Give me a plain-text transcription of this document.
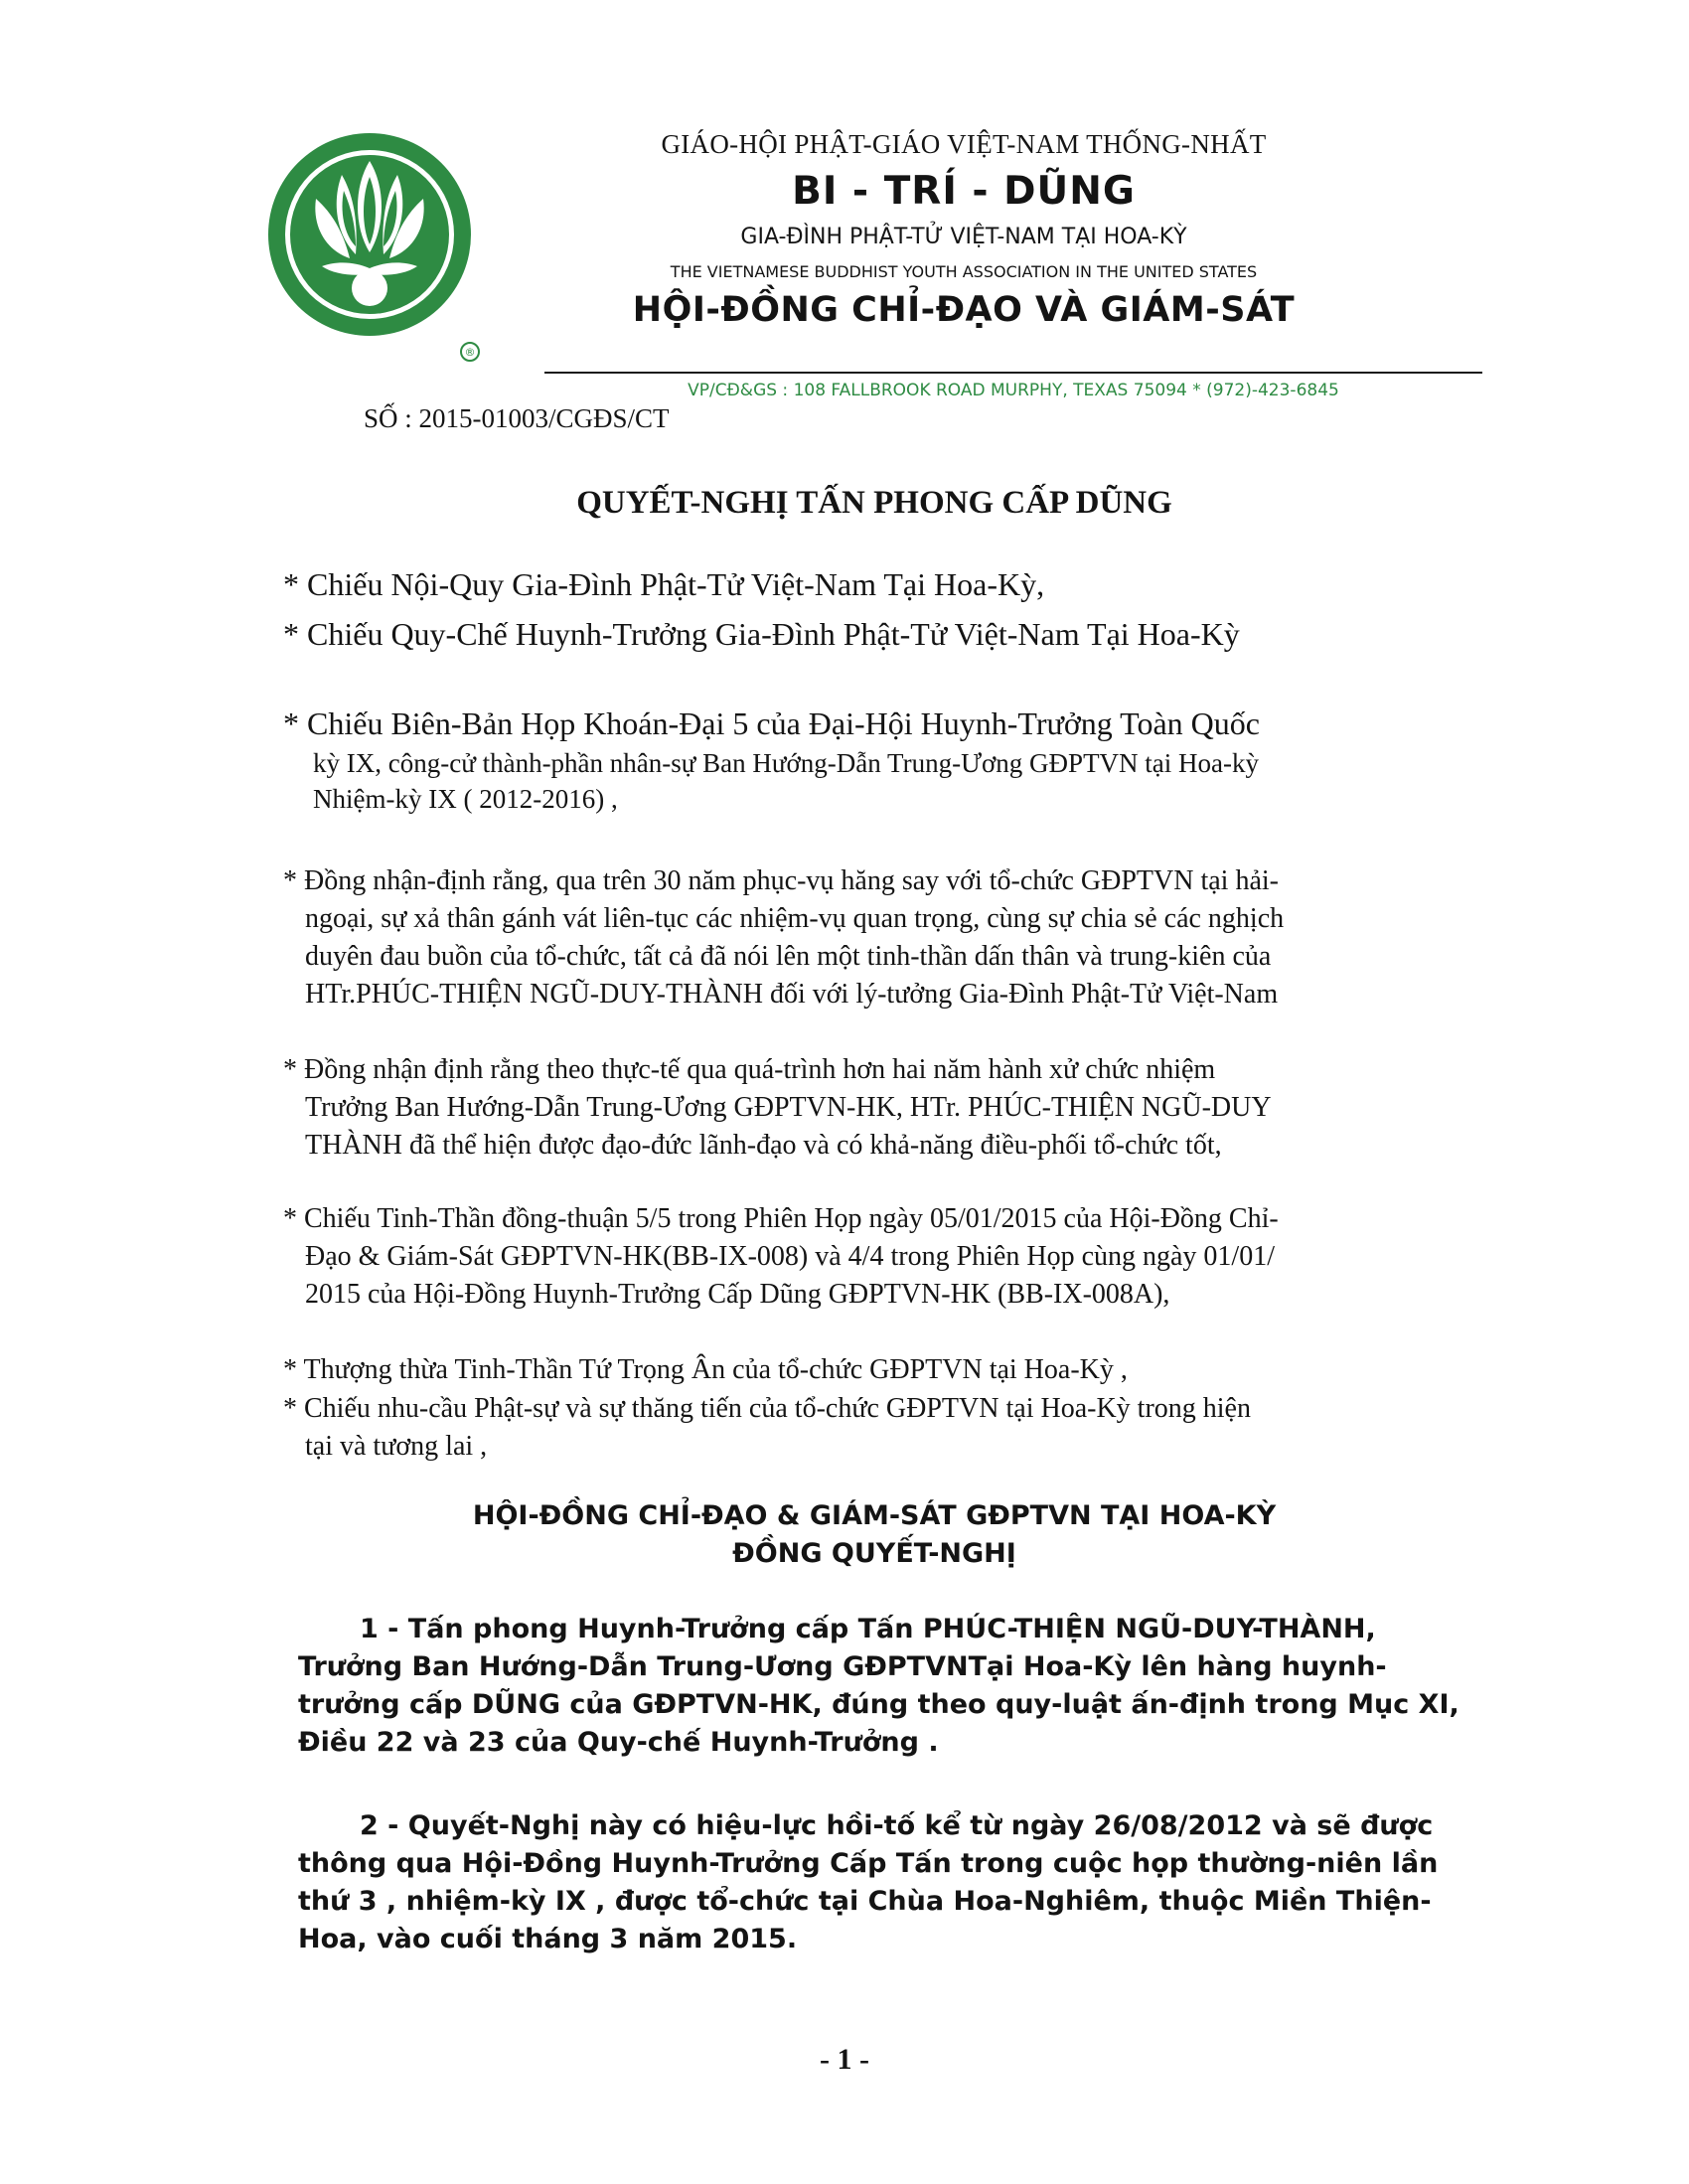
®
GIÁO-HỘI PHẬT-GIÁO VIỆT-NAM THỐNG-NHẤT
BI - TRÍ - DŨNG
GIA-ĐÌNH PHẬT-TỬ VIỆT-NAM TẠI HOA-KỲ
THE VIETNAMESE BUDDHIST YOUTH ASSOCIATION IN THE UNITED STATES
HỘI-ĐỒNG CHỈ-ĐẠO VÀ GIÁM-SÁT
VP/CĐ&GS : 108 FALLBROOK ROAD MURPHY, TEXAS 75094 * (972)-423-6845
SỐ : 2015-01003/CGĐS/CT
QUYẾT-NGHỊ TẤN PHONG CẤP DŨNG
* Chiếu Nội-Quy Gia-Đình Phật-Tử Việt-Nam Tại Hoa-Kỳ,
* Chiếu Quy-Chế Huynh-Trưởng Gia-Đình Phật-Tử Việt-Nam Tại Hoa-Kỳ
* Chiếu Biên-Bản Họp Khoán-Đại 5 của Đại-Hội Huynh-Trưởng Toàn Quốc
kỳ IX, công-cử thành-phần nhân-sự Ban Hướng-Dẫn Trung-Ương GĐPTVN tại Hoa-kỳ
Nhiệm-kỳ IX ( 2012-2016) ,
* Đồng nhận-định rằng, qua trên 30 năm phục-vụ hăng say với tổ-chức GĐPTVN tại hải-
ngoại, sự xả thân gánh vát liên-tục các nhiệm-vụ quan trọng, cùng sự chia sẻ các nghịch
duyên đau buồn của tổ-chức, tất cả đã nói lên một tinh-thần dấn thân và trung-kiên của
HTr.PHÚC-THIỆN NGŨ-DUY-THÀNH đối với lý-tưởng Gia-Đình Phật-Tử Việt-Nam
* Đồng nhận định rằng theo thực-tế qua quá-trình hơn hai năm hành xử chức nhiệm
Trưởng Ban Hướng-Dẫn Trung-Ương GĐPTVN-HK, HTr. PHÚC-THIỆN NGŨ-DUY
THÀNH đã thể hiện được đạo-đức lãnh-đạo và có khả-năng điều-phối tổ-chức tốt,
* Chiếu Tinh-Thần đồng-thuận 5/5 trong Phiên Họp ngày 05/01/2015 của Hội-Đồng Chỉ-
Đạo & Giám-Sát GĐPTVN-HK(BB-IX-008) và 4/4 trong Phiên Họp cùng ngày 01/01/
2015 của Hội-Đồng Huynh-Trưởng Cấp Dũng GĐPTVN-HK (BB-IX-008A),
* Thượng thừa Tinh-Thần Tứ Trọng Ân của tổ-chức GĐPTVN tại Hoa-Kỳ ,
* Chiếu nhu-cầu Phật-sự và sự thăng tiến của tổ-chức GĐPTVN tại Hoa-Kỳ trong hiện
tại và tương lai ,
HỘI-ĐỒNG CHỈ-ĐẠO & GIÁM-SÁT GĐPTVN TẠI HOA-KỲ
ĐỒNG QUYẾT-NGHỊ
1 - Tấn phong Huynh-Trưởng cấp Tấn PHÚC-THIỆN NGŨ-DUY-THÀNH,
Trưởng Ban Hướng-Dẫn Trung-Ương GĐPTVNTại Hoa-Kỳ lên hàng huynh-
trưởng cấp DŨNG của GĐPTVN-HK, đúng theo quy-luật ấn-định trong Mục XI,
Điều 22 và 23 của Quy-chế Huynh-Trưởng .
2 - Quyết-Nghị này có hiệu-lực hồi-tố kể từ ngày 26/08/2012 và sẽ được
thông qua Hội-Đồng Huynh-Trưởng Cấp Tấn trong cuộc họp thường-niên lần
thứ 3 , nhiệm-kỳ IX , được tổ-chức tại Chùa Hoa-Nghiêm, thuộc Miền Thiện-
Hoa, vào cuối tháng 3 năm 2015.
- 1 -
